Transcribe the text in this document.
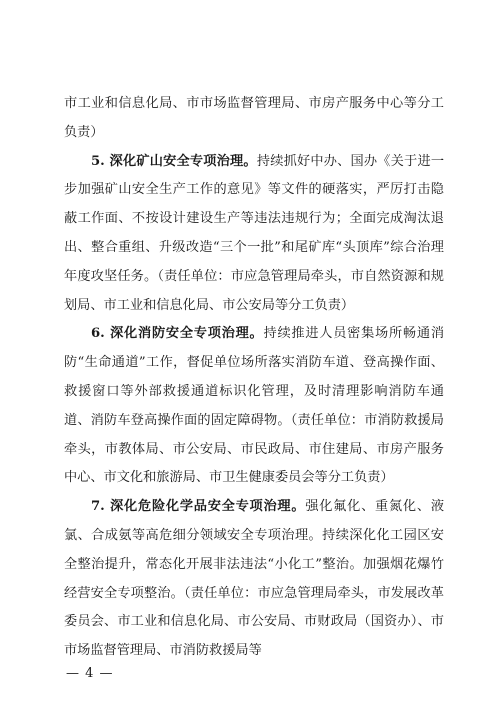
市工业和信息化局、市市场监督管理局、市房产服务中心等分工负责）

5. 深化矿山安全专项治理。持续抓好中办、国办《关于进一步加强矿山安全生产工作的意见》等文件的硬落实，严厉打击隐蔽工作面、不按设计建设生产等违法违规行为；全面完成淘汰退出、整合重组、升级改造“三个一批”和尾矿库“头顶库”综合治理年度攻坚任务。（责任单位：市应急管理局牵头，市自然资源和规划局、市工业和信息化局、市公安局等分工负责）

6. 深化消防安全专项治理。持续推进人员密集场所畅通消防“生命通道”工作，督促单位场所落实消防车道、登高操作面、救援窗口等外部救援通道标识化管理，及时清理影响消防车通道、消防车登高操作面的固定障碍物。（责任单位：市消防救援局牵头，市教体局、市公安局、市民政局、市住建局、市房产服务中心、市文化和旅游局、市卫生健康委员会等分工负责）

7. 深化危险化学品安全专项治理。强化氟化、重氮化、液氯、合成氨等高危细分领域安全专项治理。持续深化化工园区安全整治提升，常态化开展非法违法“小化工”整治。加强烟花爆竹经营安全专项整治。（责任单位：市应急管理局牵头，市发展改革委员会、市工业和信息化局、市公安局、市财政局（国资办）、市市场监督管理局、市消防救援局等

— 4 —
